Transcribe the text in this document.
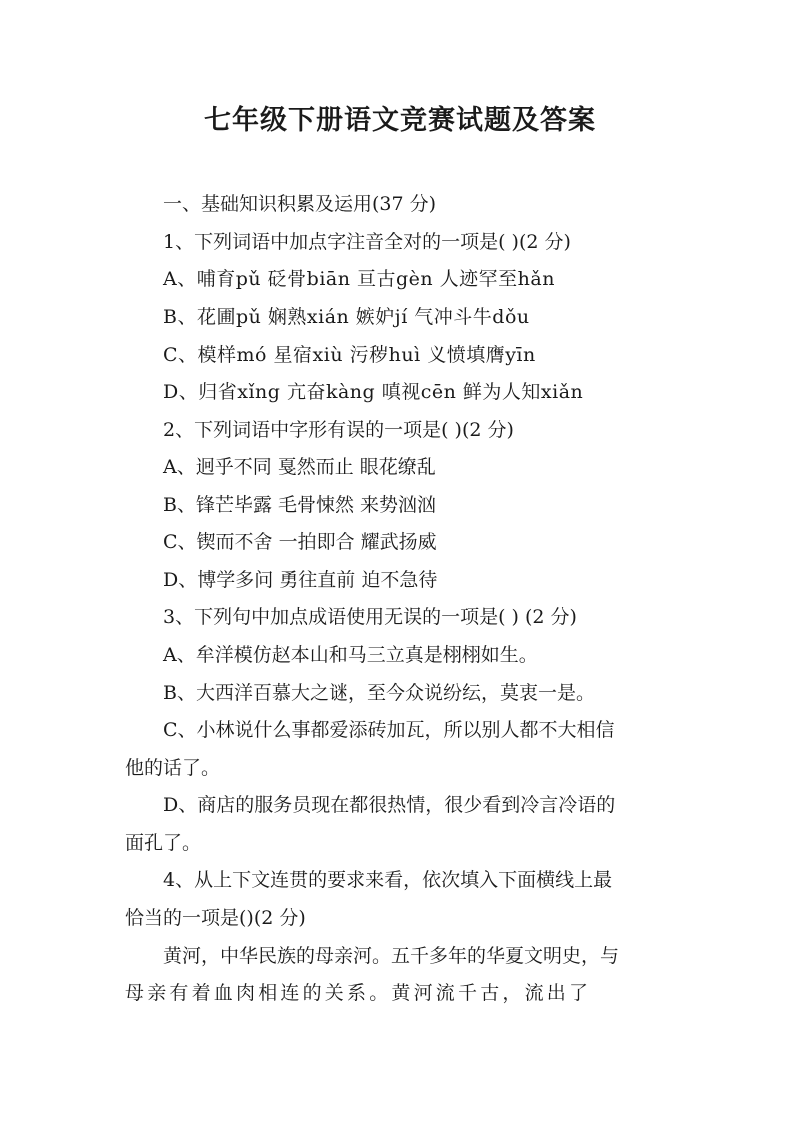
七年级下册语文竞赛试题及答案
一、基础知识积累及运用(37 分)
1、下列词语中加点字注音全对的一项是( )(2 分)
A、哺育pǔ 砭骨biān 亘古gèn 人迹罕至hǎn
B、花圃pǔ 娴熟xián 嫉妒jí 气冲斗牛dǒu
C、模样mó 星宿xiù 污秽huì 义愤填膺yīn
D、归省xǐng 亢奋kàng 嗔视cēn 鲜为人知xiǎn
2、下列词语中字形有误的一项是( )(2 分)
A、迥乎不同 戛然而止 眼花缭乱
B、锋芒毕露 毛骨悚然 来势汹汹
C、锲而不舍 一拍即合 耀武扬威
D、博学多问 勇往直前 迫不急待
3、下列句中加点成语使用无误的一项是( ) (2 分)
A、牟洋模仿赵本山和马三立真是栩栩如生。
B、大西洋百慕大之谜，至今众说纷纭，莫衷一是。
C、小林说什么事都爱添砖加瓦，所以别人都不大相信
他的话了。
D、商店的服务员现在都很热情，很少看到冷言冷语的
面孔了。
4、从上下文连贯的要求来看，依次填入下面横线上最
恰当的一项是()(2 分)
黄河，中华民族的母亲河。五千多年的华夏文明史，与
母亲有着血肉相连的关系。黄河流千古，流出了
